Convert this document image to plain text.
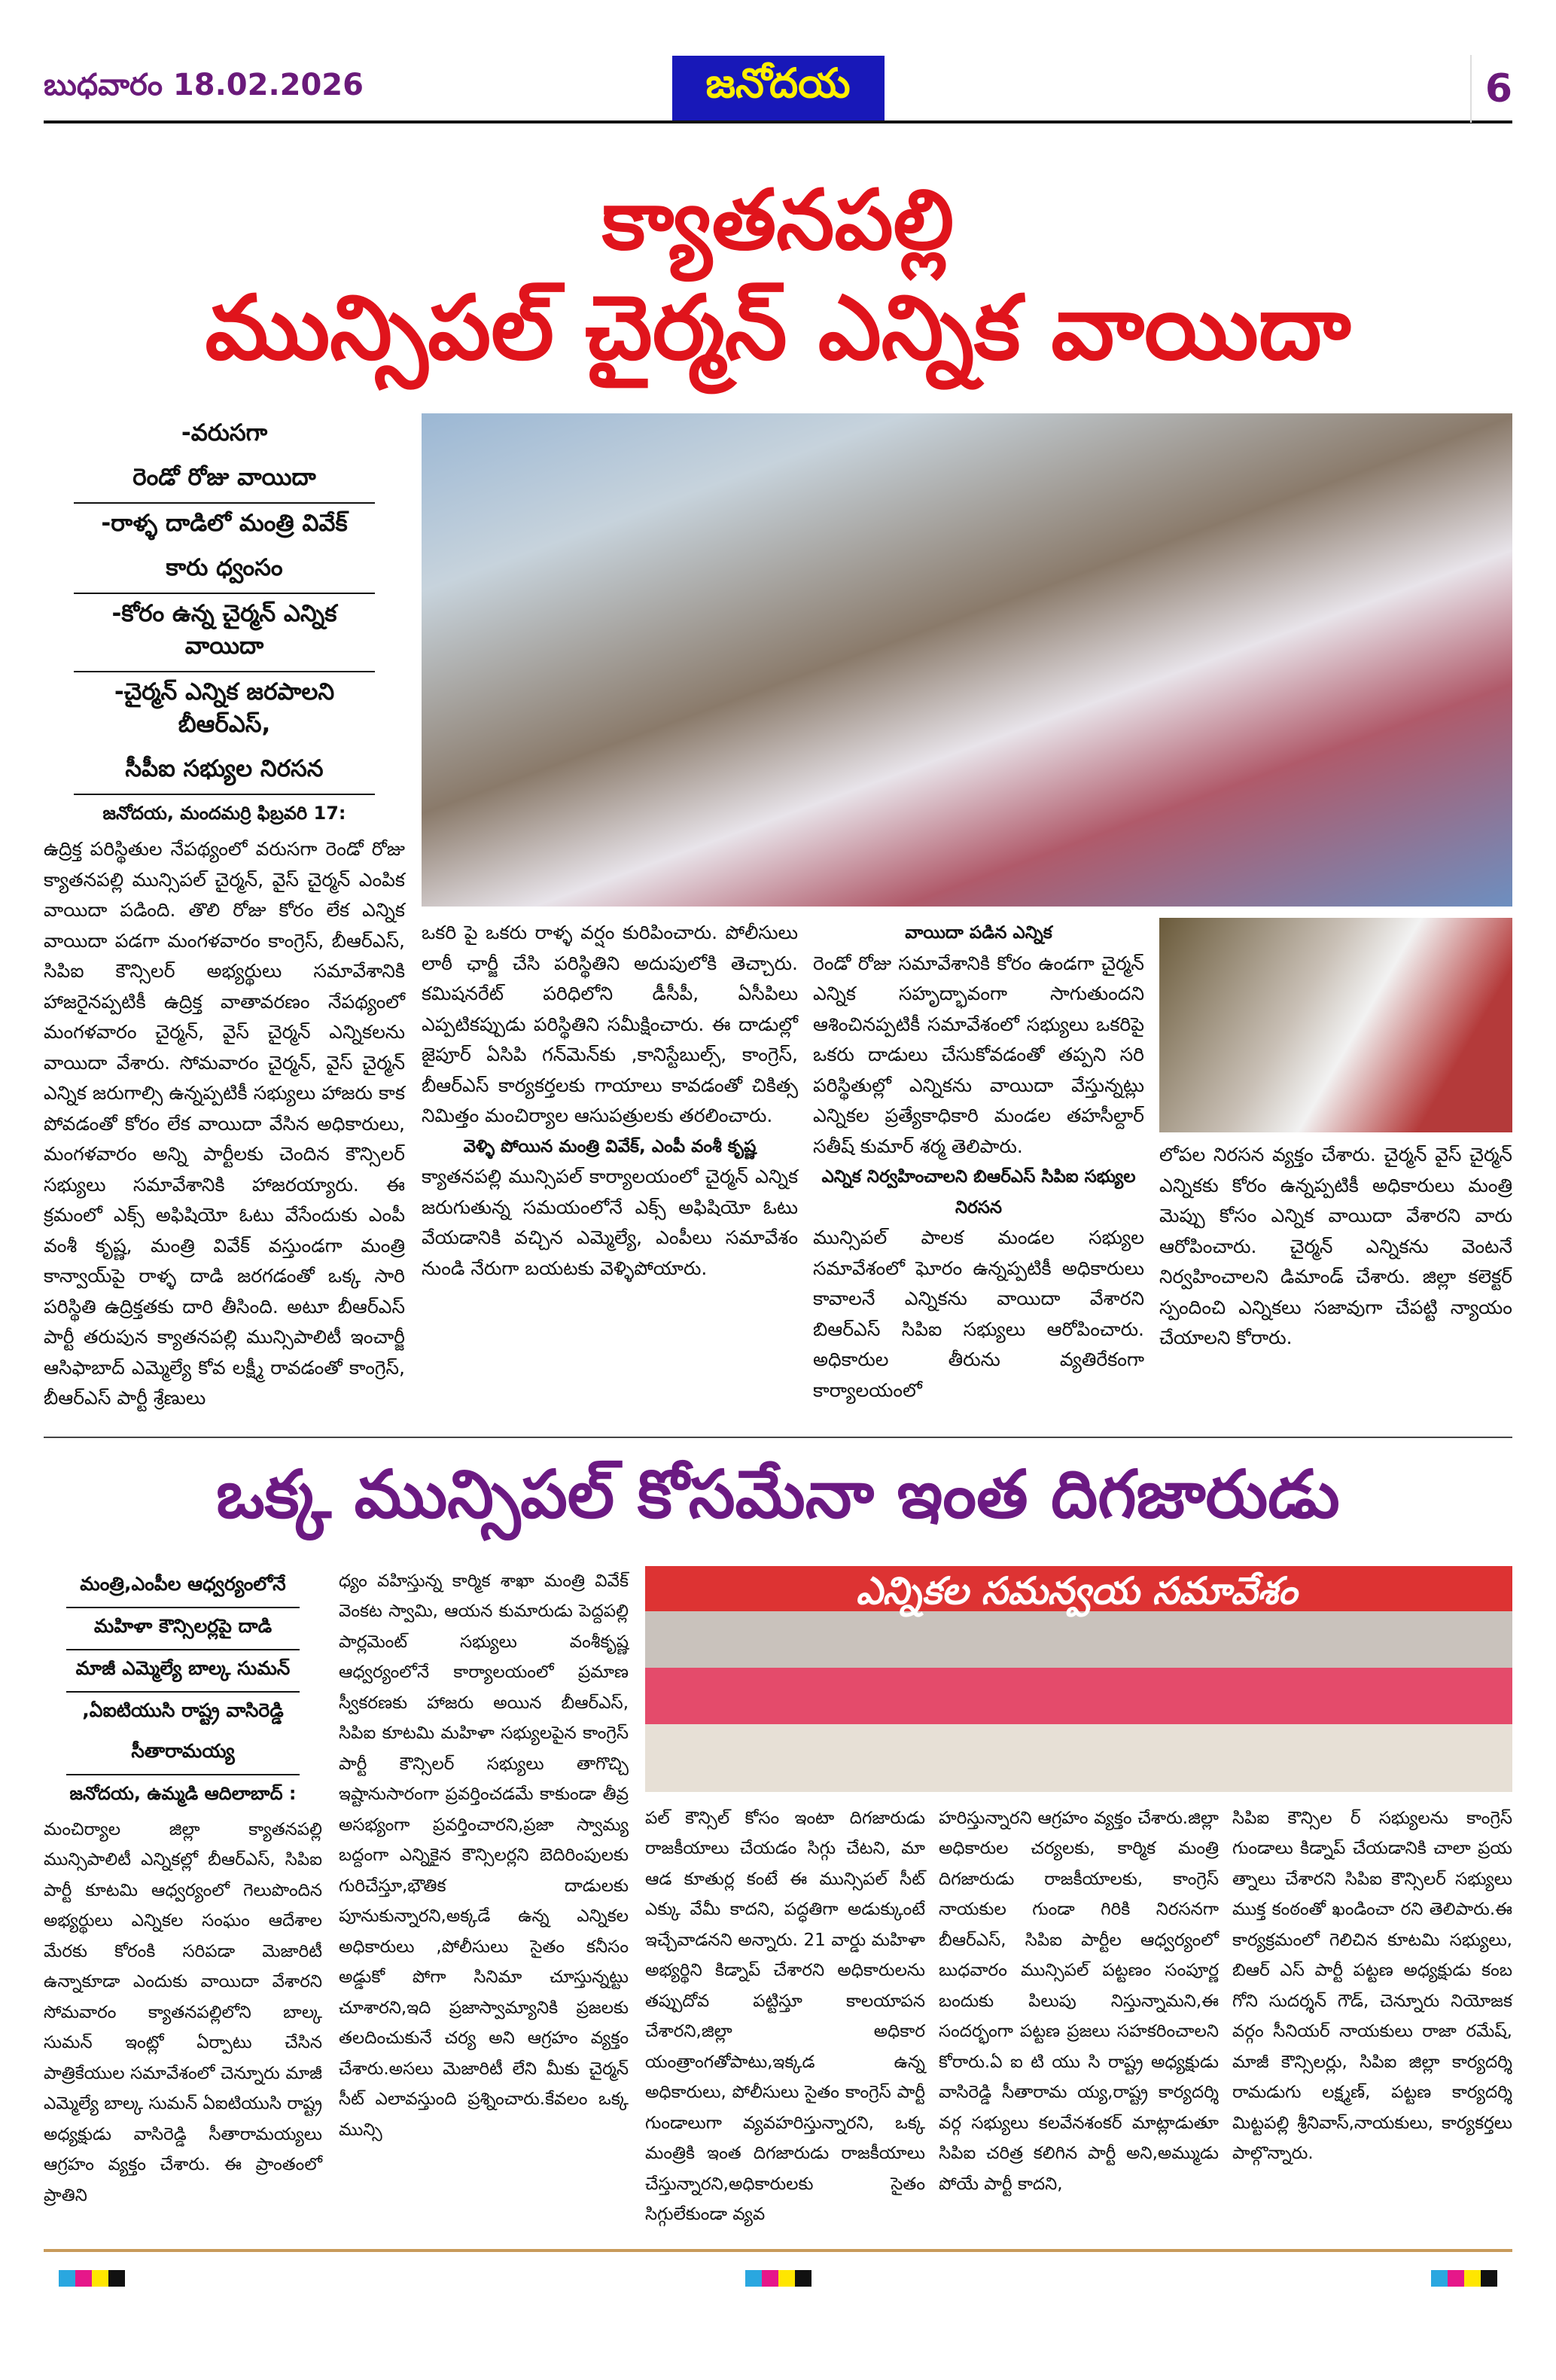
బుధవారం 18.02.2026	జనోదయ	6
క్యాతనపల్లి
మున్సిపల్ చైర్మన్ ఎన్నిక వాయిదా
-వరుసగా
రెండో రోజు వాయిదా
-రాళ్ళ దాడిలో మంత్రి వివేక్
కారు ధ్వంసం
-కోరం ఉన్న చైర్మన్ ఎన్నిక వాయిదా
-చైర్మన్ ఎన్నిక జరపాలని బీఆర్ఎస్,
సీపీఐ సభ్యుల నిరసన

జనోదయ, మందమర్రి ఫిబ్రవరి 17:

ఉద్రిక్త పరిస్థితుల నేపథ్యంలో వరుసగా రెండో రోజు క్యాతనపల్లి మున్సిపల్ చైర్మన్, వైస్ చైర్మన్ ఎంపిక వాయిదా పడింది. తొలి రోజు కోరం లేక ఎన్నిక వాయిదా పడగా మంగళవారం కాంగ్రెస్, బీఆర్ఎస్, సిపిఐ కౌన్సిలర్ అభ్యర్థులు సమావేశానికి హాజరైనప్పటికీ ఉద్రిక్త వాతావరణం నేపథ్యంలో మంగళవారం చైర్మన్, వైస్ చైర్మన్ ఎన్నికలను వాయిదా వేశారు. సోమవారం చైర్మన్, వైస్ చైర్మన్ ఎన్నిక జరుగాల్సి ఉన్నప్పటికీ సభ్యులు హాజరు కాక పోవడంతో కోరం లేక వాయిదా వేసిన అధికారులు, మంగళవారం అన్ని పార్టీలకు చెందిన కౌన్సిలర్ సభ్యులు సమావేశానికి హాజరయ్యారు. ఈ క్రమంలో ఎక్స్ అఫిషియో ఓటు వేసేందుకు ఎంపీ వంశీ కృష్ణ, మంత్రి వివేక్ వస్తుండగా మంత్రి కాన్వాయ్‌పై రాళ్ళ దాడి జరగడంతో ఒక్క సారి పరిస్థితి ఉద్రిక్తతకు దారి తీసింది. అటూ బీఆర్ఎస్ పార్టీ తరుపున క్యాతనపల్లి మున్సిపాలిటీ ఇంచార్జీ ఆసిఫాబాద్ ఎమ్మెల్యే కోవ లక్ష్మీ రావడంతో కాంగ్రెస్, బీఆర్ఎస్ పార్టీ శ్రేణులు

ఒకరి పై ఒకరు రాళ్ళ వర్షం కురిపించారు. పోలీసులు లాఠీ ఛార్జీ చేసి పరిస్థితిని అదుపులోకి తెచ్చారు. కమిషనరేట్ పరిధిలోని డీసీపీ, ఏసీపిలు ఎప్పటికప్పుడు పరిస్థితిని సమీక్షించారు. ఈ దాడుల్లో జైపూర్ ఏసిపి గన్‌మెన్‌కు ,కానిస్టేబుల్స్, కాంగ్రెస్, బీఆర్ఎస్ కార్యకర్తలకు గాయాలు కావడంతో చికిత్స నిమిత్తం మంచిర్యాల ఆసుపత్రులకు తరలించారు.

వెళ్ళి పోయిన మంత్రి వివేక్, ఎంపీ వంశీ కృష్ణ

క్యాతనపల్లి మున్సిపల్ కార్యాలయంలో చైర్మన్ ఎన్నిక జరుగుతున్న సమయంలోనే ఎక్స్ అఫిషియో ఓటు వేయడానికి వచ్చిన ఎమ్మెల్యే, ఎంపీలు సమావేశం నుండి నేరుగా బయటకు వెళ్ళిపోయారు.

వాయిదా పడిన ఎన్నిక

రెండో రోజు సమావేశానికి కోరం ఉండగా చైర్మన్ ఎన్నిక సహృద్భావంగా సాగుతుందని ఆశించినప్పటికీ సమావేశంలో సభ్యులు ఒకరిపై ఒకరు దాడులు చేసుకోవడంతో తప్పని సరి పరిస్థితుల్లో ఎన్నికను వాయిదా వేస్తున్నట్లు ఎన్నికల ప్రత్యేకాధికారి మండల తహసీల్దార్ సతీష్ కుమార్ శర్మ తెలిపారు.

ఎన్నిక నిర్వహించాలని బిఆర్ఎస్ సిపిఐ సభ్యుల నిరసన

మున్సిపల్ పాలక మండల సభ్యుల సమావేశంలో ఘోరం ఉన్నప్పటికీ అధికారులు కావాలనే ఎన్నికను వాయిదా వేశారని బిఆర్ఎస్ సిపిఐ సభ్యులు ఆరోపించారు. అధికారుల తీరును వ్యతిరేకంగా కార్యాలయంలో

లోపల నిరసన వ్యక్తం చేశారు. చైర్మన్ వైస్ చైర్మన్ ఎన్నికకు కోరం ఉన్నప్పటికీ అధికారులు మంత్రి మెప్పు కోసం ఎన్నిక వాయిదా వేశారని వారు ఆరోపించారు. చైర్మన్ ఎన్నికను వెంటనే నిర్వహించాలని డిమాండ్ చేశారు. జిల్లా కలెక్టర్ స్పందించి ఎన్నికలు సజావుగా చేపట్టి న్యాయం చేయాలని కోరారు.

ఒక్క మున్సిపల్ కోసమేనా ఇంత దిగజారుడు
మంత్రి,ఎంపీల ఆధ్వర్యంలోనే
మహిళా కౌన్సిలర్లపై దాడి
మాజీ ఎమ్మెల్యే బాల్క సుమన్
,ఏఐటియుసి రాష్ట్ర వాసిరెడ్డి
సీతారామయ్య

జనోదయ, ఉమ్మడి ఆదిలాబాద్ :

మంచిర్యాల జిల్లా క్యాతనపల్లి మున్సిపాలిటీ ఎన్నికల్లో బీఆర్ఎస్, సిపిఐ పార్టీ కూటమి ఆధ్వర్యంలో గెలుపొందిన అభ్యర్థులు ఎన్నికల సంఘం ఆదేశాల మేరకు కోరంకి సరిపడా మెజారిటీ ఉన్నాకూడా ఎందుకు వాయిదా వేశారని సోమవారం క్యాతనపల్లిలోని బాల్క సుమన్ ఇంట్లో ఏర్పాటు చేసిన పాత్రికేయుల సమావేశంలో చెన్నూరు మాజీ ఎమ్మెల్యే బాల్క సుమన్ ఏఐటియుసి రాష్ట్ర అధ్యక్షుడు వాసిరెడ్డి సీతారామయ్యలు ఆగ్రహం వ్యక్తం చేశారు. ఈ ప్రాంతంలో ప్రాతిని

ధ్యం వహిస్తున్న కార్మిక శాఖా మంత్రి వివేక్ వెంకట స్వామి, ఆయన కుమారుడు పెద్దపల్లి పార్లమెంట్ సభ్యులు వంశీకృష్ణ ఆధ్వర్యంలోనే కార్యాలయంలో ప్రమాణ స్వీకరణకు హాజరు అయిన బీఆర్ఎస్, సిపిఐ కూటమి మహిళా సభ్యులపైన కాంగ్రెస్ పార్టీ కౌన్సిలర్ సభ్యులు తాగొచ్చి ఇష్టానుసారంగా ప్రవర్తించడమే కాకుండా తీవ్ర అసభ్యంగా ప్రవర్తించారని,ప్రజా స్వామ్య బద్దంగా ఎన్నికైన కౌన్సిలర్లని బెదిరింపులకు గురిచేస్తూ,భౌతిక దాడులకు పూనుకున్నారని,అక్కడే ఉన్న ఎన్నికల అధికారులు ,పోలీసులు సైతం కనీసం అడ్డుకో పోగా సినిమా చూస్తున్నట్టు చూశారని,ఇది ప్రజాస్వామ్యానికి ప్రజలకు తలదించుకునే చర్య అని ఆగ్రహం వ్యక్తం చేశారు.అసలు మెజారిటీ లేని మీకు చైర్మన్ సీట్ ఎలావస్తుంది ప్రశ్నించారు.కేవలం ఒక్క మున్సి

ఎన్నికల సమన్వయ సమావేశం

పల్ కౌన్సిల్ కోసం ఇంటా దిగజారుడు రాజకీయాలు చేయడం సిగ్గు చేటని, మా ఆడ కూతుర్ల కంటే ఈ మున్సిపల్ సీట్ ఎక్కు వేమీ కాదని, పద్ధతిగా అడుక్కుంటే ఇచ్చేవాడనని అన్నారు. 21 వార్డు మహిళా అభ్యర్థిని కిడ్నాప్ చేశారని అధికారులను తప్పుదోవ పట్టిస్తూ కాలయాపన చేశారని,జిల్లా అధికార యంత్రాంగతోపాటు,ఇక్కడ ఉన్న అధికారులు, పోలీసులు సైతం కాంగ్రెస్ పార్టీ గుండాలుగా వ్యవహరిస్తున్నారని, ఒక్క మంత్రికి ఇంత దిగజారుడు రాజకీయాలు చేస్తున్నారని,అధికారులకు సైతం సిగ్గులేకుండా వ్యవ

హరిస్తున్నారని ఆగ్రహం వ్యక్తం చేశారు.జిల్లా అధికారుల చర్యలకు, కార్మిక మంత్రి దిగజారుడు రాజకీయాలకు, కాంగ్రెస్ నాయకుల గుండా గిరికి నిరసనగా బీఆర్ఎస్, సిపిఐ పార్టీల ఆధ్వర్యంలో బుధవారం మున్సిపల్ పట్టణం సంపూర్ణ బందుకు పిలుపు నిస్తున్నామని,ఈ సందర్భంగా పట్టణ ప్రజలు సహకరించాలని కోరారు.ఏ ఐ టి యు సి రాష్ట్ర అధ్యక్షుడు వాసిరెడ్డి సీతారామ య్య,రాష్ట్ర కార్యదర్శి వర్గ సభ్యులు కలవేనశంకర్ మాట్లాడుతూ సిపిఐ చరిత్ర కలిగిన పార్టీ అని,అమ్ముడు పోయే పార్టీ కాదని,

సిపిఐ కౌన్సిల ర్ సభ్యులను కాంగ్రెస్ గుండాలు కిడ్నాప్ చేయడానికి చాలా ప్రయ త్నాలు చేశారని సిపిఐ కౌన్సిలర్ సభ్యులు ముక్త కంఠంతో ఖండించా రని తెలిపారు.ఈ కార్యక్రమంలో గెలిచిన కూటమి సభ్యులు, బిఆర్ ఎస్ పార్టీ పట్టణ అధ్యక్షుడు కంబ గోని సుదర్శన్ గౌడ్, చెన్నూరు నియోజక వర్గం సీనియర్ నాయకులు రాజా రమేష్, మాజీ కౌన్సిలర్లు, సిపిఐ జిల్లా కార్యదర్శి రామడుగు లక్ష్మణ్, పట్టణ కార్యదర్శి మిట్టపల్లి శ్రీనివాస్,నాయకులు, కార్యకర్తలు పాల్గొన్నారు.
